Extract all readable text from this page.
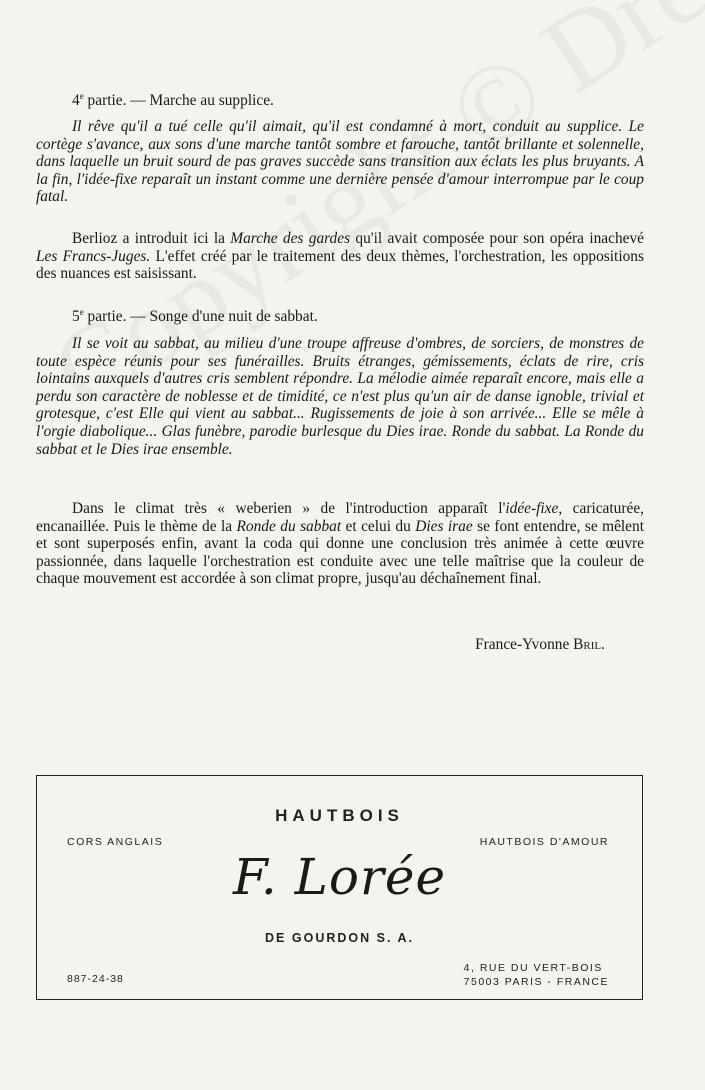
4e partie. — Marche au supplice.

Il rêve qu'il a tué celle qu'il aimait, qu'il est condamné à mort, conduit au supplice. Le cortège s'avance, aux sons d'une marche tantôt sombre et farouche, tantôt brillante et solennelle, dans laquelle un bruit sourd de pas graves succède sans transition aux éclats les plus bruyants. A la fin, l'idée-fixe reparaît un instant comme une dernière pensée d'amour interrompue par le coup fatal.

Berlioz a introduit ici la Marche des gardes qu'il avait composée pour son opéra inachevé Les Francs-Juges. L'effet créé par le traitement des deux thèmes, l'orchestration, les oppositions des nuances est saisissant.

5e partie. — Songe d'une nuit de sabbat.

Il se voit au sabbat, au milieu d'une troupe affreuse d'ombres, de sorciers, de monstres de toute espèce réunis pour ses funérailles. Bruits étranges, gémissements, éclats de rire, cris lointains auxquels d'autres cris semblent répondre. La mélodie aimée reparaît encore, mais elle a perdu son caractère de noblesse et de timidité, ce n'est plus qu'un air de danse ignoble, trivial et grotesque, c'est Elle qui vient au sabbat... Rugissements de joie à son arrivée... Elle se mêle à l'orgie diabolique... Glas funèbre, parodie burlesque du Dies irae. Ronde du sabbat. La Ronde du sabbat et le Dies irae ensemble.

Dans le climat très « weberien » de l'introduction apparaît l'idée-fixe, caricaturée, encanaillée. Puis le thème de la Ronde du sabbat et celui du Dies irae se font entendre, se mêlent et sont superposés enfin, avant la coda qui donne une conclusion très animée à cette œuvre passionnée, dans laquelle l'orchestration est conduite avec une telle maîtrise que la couleur de chaque mouvement est accordée à son climat propre, jusqu'au déchaînement final.

France-Yvonne Bril.
HAUTBOIS
CORS ANGLAIS	HAUTBOIS D'AMOUR
F. Lorée
DE GOURDON S. A.
887-24-38
4, RUE DU VERT-BOIS
75003 PARIS - FRANCE
